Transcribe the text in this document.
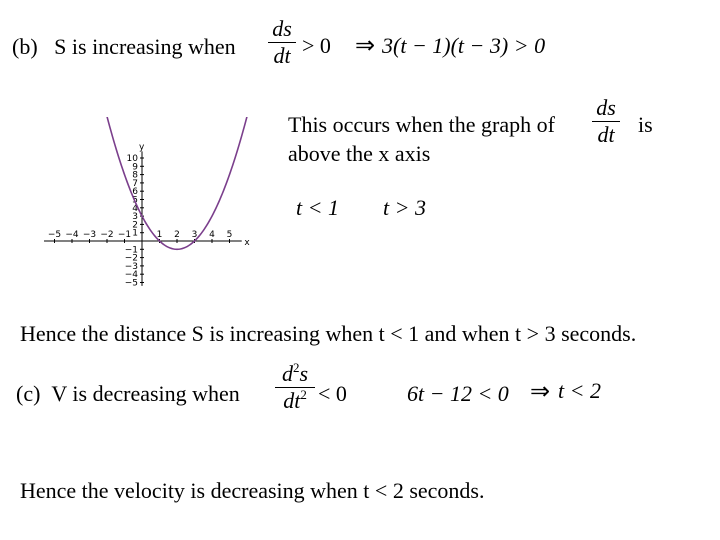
(b) S is increasing when
ds
dt > 0 ⇒ 3(t − 1)(t − 3) > 0
x
y
−5 −4 −3 −2 −1	1 2 3 4 5
10
9
8
7
6
5
4
3
2
1
−1
−2
−3
−4
−5
This occurs when the graph of
ds
dt is
above the x axis
t < 1 t > 3
Hence the distance S is increasing when t < 1 and when t > 3 seconds.
(c) V is decreasing when
$d^2s$
$dt^2 < 0$	6t − 12 < 0 ⇒ t < 2
Hence the velocity is decreasing when t < 2 seconds.
